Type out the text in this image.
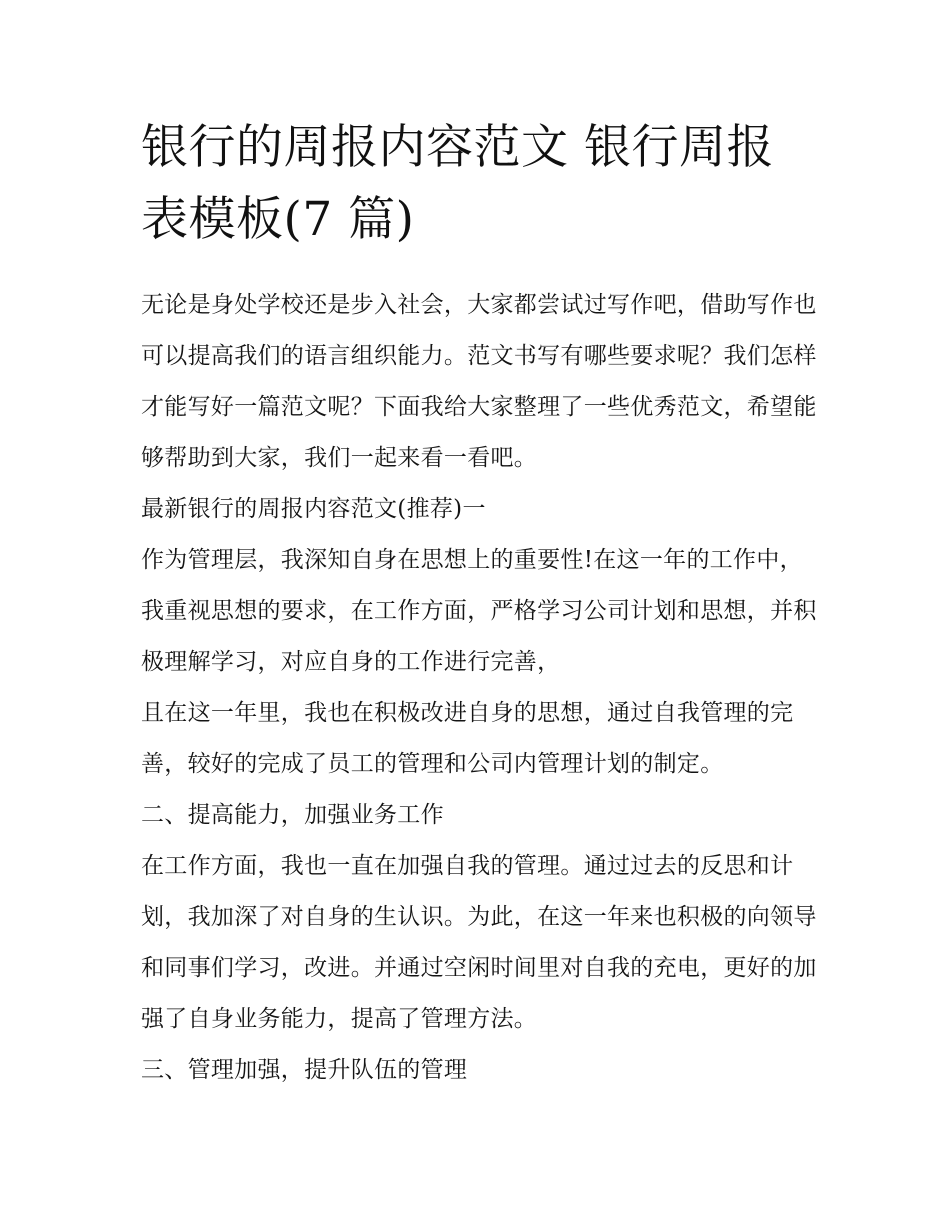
银行的周报内容范文 银行周报表模板(7 篇)

无论是身处学校还是步入社会，大家都尝试过写作吧，借助写作也可以提高我们的语言组织能力。范文书写有哪些要求呢？我们怎样才能写好一篇范文呢？下面我给大家整理了一些优秀范文，希望能够帮助到大家，我们一起来看一看吧。

最新银行的周报内容范文(推荐)一

作为管理层，我深知自身在思想上的重要性!在这一年的工作中，我重视思想的要求，在工作方面，严格学习公司计划和思想，并积极理解学习，对应自身的工作进行完善，

且在这一年里，我也在积极改进自身的思想，通过自我管理的完善，较好的完成了员工的管理和公司内管理计划的制定。

二、提高能力，加强业务工作

在工作方面，我也一直在加强自我的管理。通过过去的反思和计划，我加深了对自身的生认识。为此，在这一年来也积极的向领导和同事们学习，改进。并通过空闲时间里对自我的充电，更好的加强了自身业务能力，提高了管理方法。

三、管理加强，提升队伍的管理
